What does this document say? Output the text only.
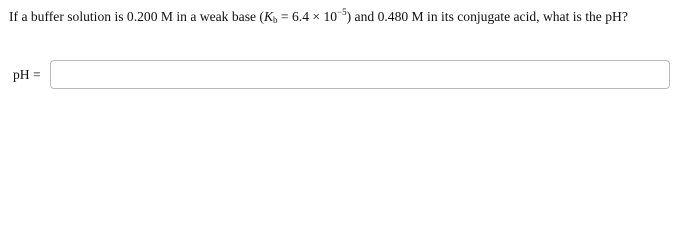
If a buffer solution is 0.200 M in a weak base $(K_b = 6.4 \times 10^{-5})$ and 0.480 M in its conjugate acid, what is the pH?
pH =
